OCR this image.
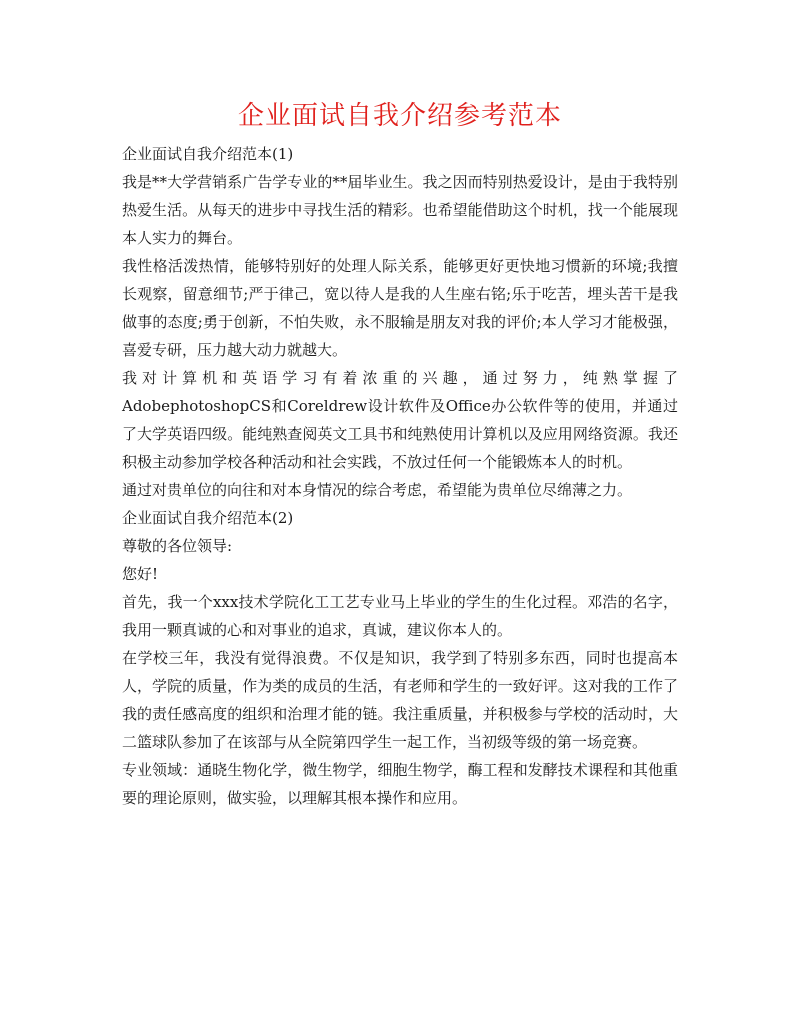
企业面试自我介绍参考范本

企业面试自我介绍范本(1)

我是**大学营销系广告学专业的**届毕业生。我之因而特别热爱设计，是由于我特别热爱生活。从每天的进步中寻找生活的精彩。也希望能借助这个时机，找一个能展现本人实力的舞台。

我性格活泼热情，能够特别好的处理人际关系，能够更好更快地习惯新的环境;我擅长观察，留意细节;严于律己，宽以待人是我的人生座右铭;乐于吃苦，埋头苦干是我做事的态度;勇于创新，不怕失败，永不服输是朋友对我的评价;本人学习才能极强，喜爱专研，压力越大动力就越大。

我对计算机和英语学习有着浓重的兴趣，通过努力，纯熟掌握了AdobephotoshopCS和Coreldrew设计软件及Office办公软件等的使用，并通过了大学英语四级。能纯熟查阅英文工具书和纯熟使用计算机以及应用网络资源。我还积极主动参加学校各种活动和社会实践，不放过任何一个能锻炼本人的时机。

通过对贵单位的向往和对本身情况的综合考虑，希望能为贵单位尽绵薄之力。

企业面试自我介绍范本(2)

尊敬的各位领导:

您好!

首先，我一个xxx技术学院化工工艺专业马上毕业的学生的生化过程。邓浩的名字，我用一颗真诚的心和对事业的追求，真诚，建议你本人的。

在学校三年，我没有觉得浪费。不仅是知识，我学到了特别多东西，同时也提高本人，学院的质量，作为类的成员的生活，有老师和学生的一致好评。这对我的工作了我的责任感高度的组织和治理才能的链。我注重质量，并积极参与学校的活动时，大二篮球队参加了在该部与从全院第四学生一起工作，当初级等级的第一场竞赛。

专业领域：通晓生物化学，微生物学，细胞生物学，酶工程和发酵技术课程和其他重要的理论原则，做实验，以理解其根本操作和应用。
